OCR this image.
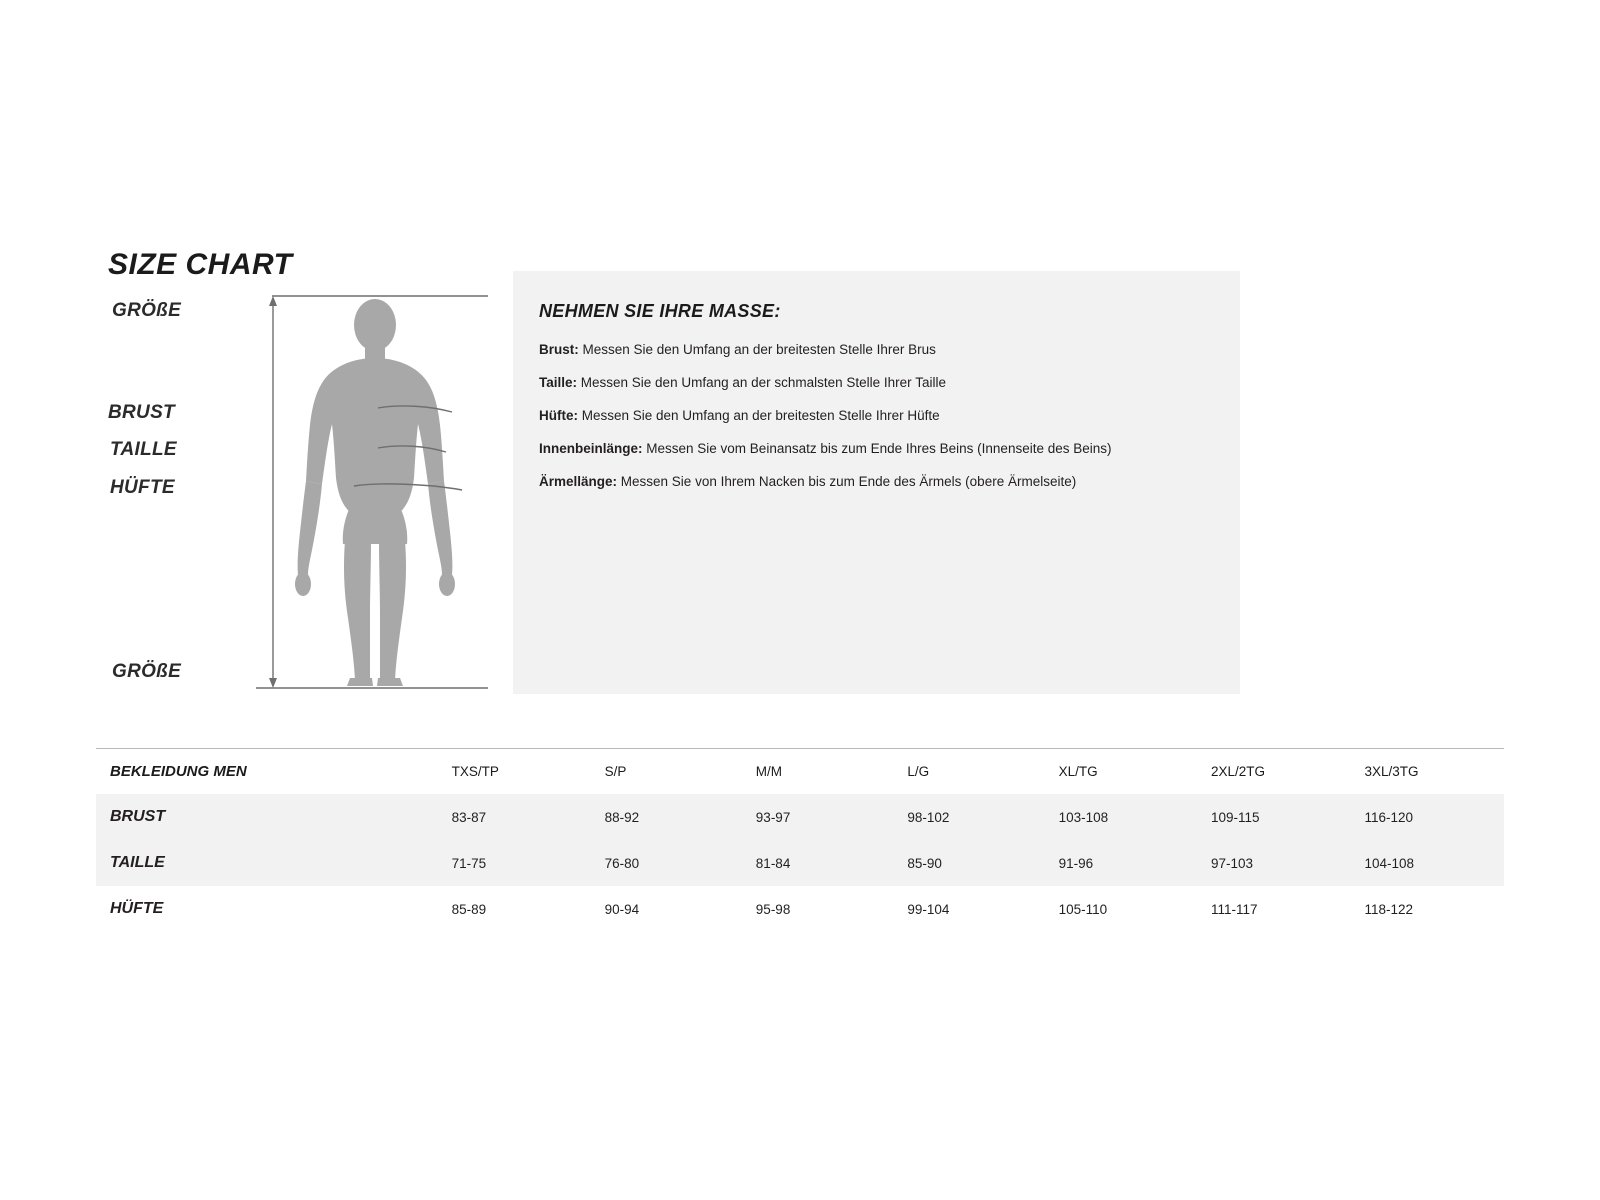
SIZE CHART
GRÖßE
BRUST
TAILLE
HÜFTE
GRÖßE
NEHMEN SIE IHRE MASSE:
Brust: Messen Sie den Umfang an der breitesten Stelle Ihrer Brus
Taille: Messen Sie den Umfang an der schmalsten Stelle Ihrer Taille
Hüfte: Messen Sie den Umfang an der breitesten Stelle Ihrer Hüfte
Innenbeinlänge: Messen Sie vom Beinansatz bis zum Ende Ihres Beins (Innenseite des Beins)
Ärmellänge: Messen Sie von Ihrem Nacken bis zum Ende des Ärmels (obere Ärmelseite)
BEKLEIDUNG MEN	TXS/TP	S/P	M/M	L/G	XL/TG	2XL/2TG	3XL/3TG
BRUST	83-87	88-92	93-97	98-102	103-108	109-115	116-120
TAILLE	71-75	76-80	81-84	85-90	91-96	97-103	104-108
HÜFTE	85-89	90-94	95-98	99-104	105-110	111-117	118-122
